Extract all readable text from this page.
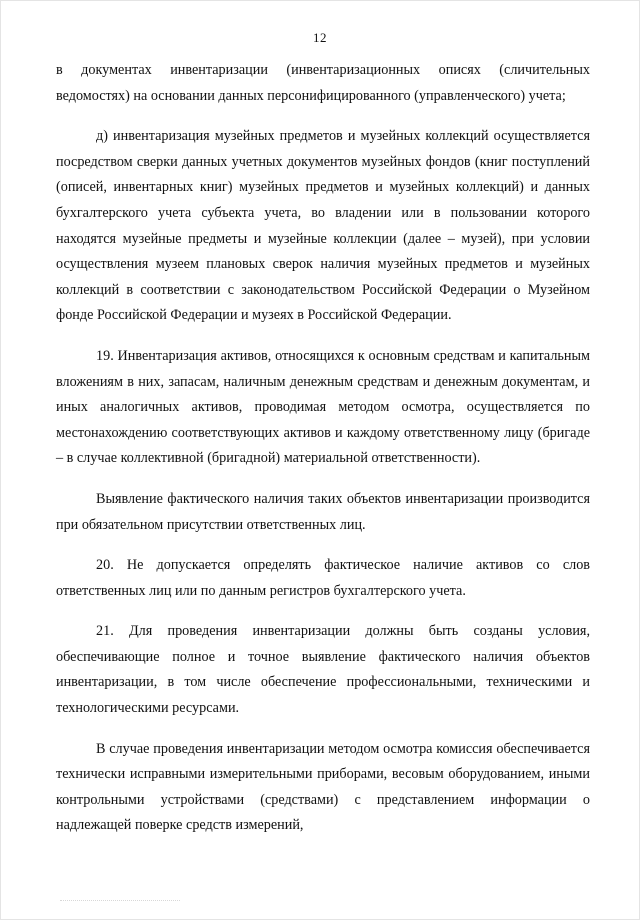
12

в документах инвентаризации (инвентаризационных описях (сличительных ведомостях) на основании данных персонифицированного (управленческого) учета;

д) инвентаризация музейных предметов и музейных коллекций осуществляется посредством сверки данных учетных документов музейных фондов (книг поступлений (описей, инвентарных книг) музейных предметов и музейных коллекций) и данных бухгалтерского учета субъекта учета, во владении или в пользовании которого находятся музейные предметы и музейные коллекции (далее – музей), при условии осуществления музеем плановых сверок наличия музейных предметов и музейных коллекций в соответствии с законодательством Российской Федерации о Музейном фонде Российской Федерации и музеях в Российской Федерации.

19. Инвентаризация активов, относящихся к основным средствам и капитальным вложениям в них, запасам, наличным денежным средствам и денежным документам, и иных аналогичных активов, проводимая методом осмотра, осуществляется по местонахождению соответствующих активов и каждому ответственному лицу (бригаде – в случае коллективной (бригадной) материальной ответственности).

Выявление фактического наличия таких объектов инвентаризации производится при обязательном присутствии ответственных лиц.

20. Не допускается определять фактическое наличие активов со слов ответственных лиц или по данным регистров бухгалтерского учета.

21. Для проведения инвентаризации должны быть созданы условия, обеспечивающие полное и точное выявление фактического наличия объектов инвентаризации, в том числе обеспечение профессиональными, техническими и технологическими ресурсами.

В случае проведения инвентаризации методом осмотра комиссия обеспечивается технически исправными измерительными приборами, весовым оборудованием, иными контрольными устройствами (средствами) с представлением информации о надлежащей поверке средств измерений,
